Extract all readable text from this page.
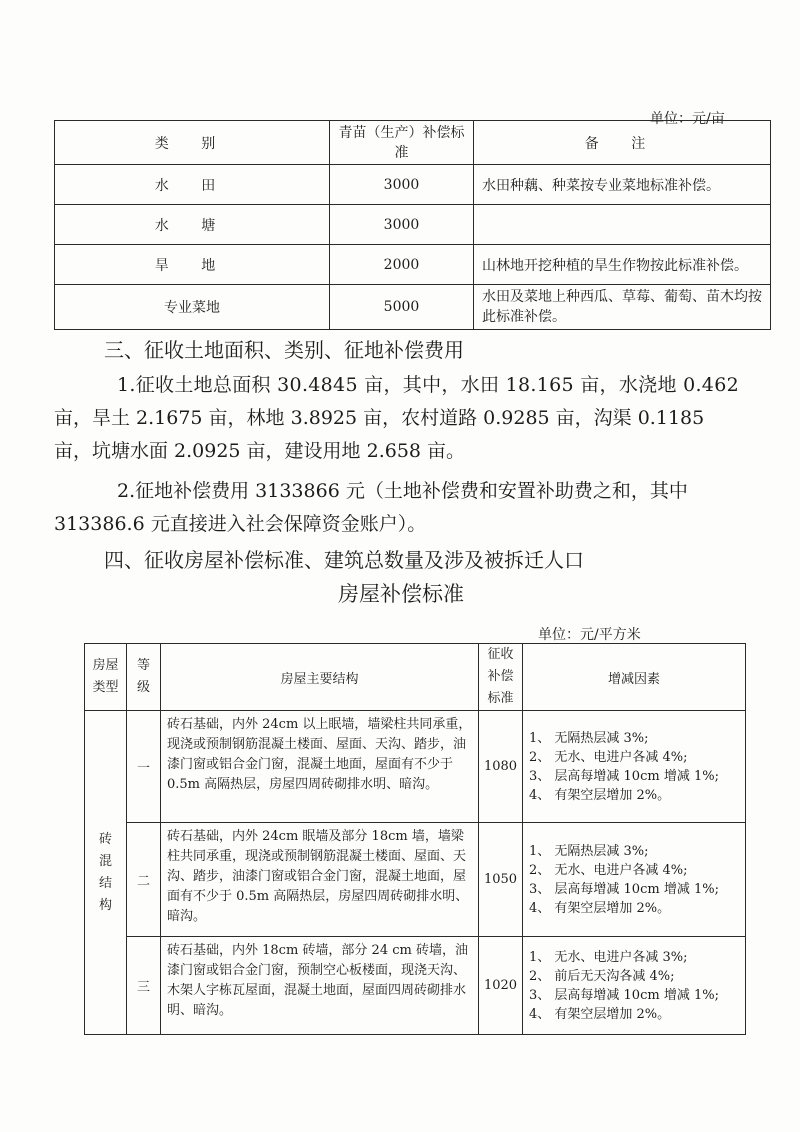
单位：元/亩
类 别	青苗（生产）补偿标准	备 注
水 田	3000	水田种藕、种菜按专业菜地标准补偿。
水 塘	3000	
旱 地	2000	山林地开挖种植的旱生作物按此标准补偿。
专业菜地	5000	水田及菜地上种西瓜、草莓、葡萄、苗木均按此标准补偿。
三、征收土地面积、类别、征地补偿费用
1.征收土地总面积 30.4845 亩，其中，水田 18.165 亩，水浇地 0.462
亩，旱土 2.1675 亩，林地 3.8925 亩，农村道路 0.9285 亩，沟渠 0.1185
亩，坑塘水面 2.0925 亩，建设用地 2.658 亩。
2.征地补偿费用 3133866 元（土地补偿费和安置补助费之和，其中
313386.6 元直接进入社会保障资金账户）。
四、征收房屋补偿标准、建筑总数量及涉及被拆迁人口
房屋补偿标准
单位：元/平方米
房屋类型	等级	房屋主要结构	征收补偿标准	增减因素
砖混结构	一	砖石基础，内外 24cm 以上眠墙，墙梁柱共同承重，现浇或预制钢筋混凝土楼面、屋面、天沟、踏步，油漆门窗或铝合金门窗，混凝土地面，屋面有不少于 0.5m 高隔热层，房屋四周砖砌排水明、暗沟。	1080	1、 无隔热层减 3%;
2、 无水、电进户各减 4%;
3、 层高每增减 10cm 增减 1%;
4、 有架空层增加 2%。

	二	砖石基础，内外 24cm 眠墙及部分 18cm 墙，墙梁柱共同承重，现浇或预制钢筋混凝土楼面、屋面、天沟、踏步，油漆门窗或铝合金门窗，混凝土地面，屋面有不少于 0.5m 高隔热层，房屋四周砖砌排水明、暗沟。	1050	1、 无隔热层减 3%;
2、 无水、电进户各减 4%;
3、 层高每增减 10cm 增减 1%;
4、 有架空层增加 2%。

	三	砖石基础，内外 18cm 砖墙，部分 24 cm 砖墙，油漆门窗或铝合金门窗，预制空心板楼面，现浇天沟、木架人字栋瓦屋面，混凝土地面，屋面四周砖砌排水明、暗沟。	1020	1、 无水、电进户各减 3%;
2、 前后无天沟各减 4%;
3、 层高每增减 10cm 增减 1%;
4、 有架空层增加 2%。
